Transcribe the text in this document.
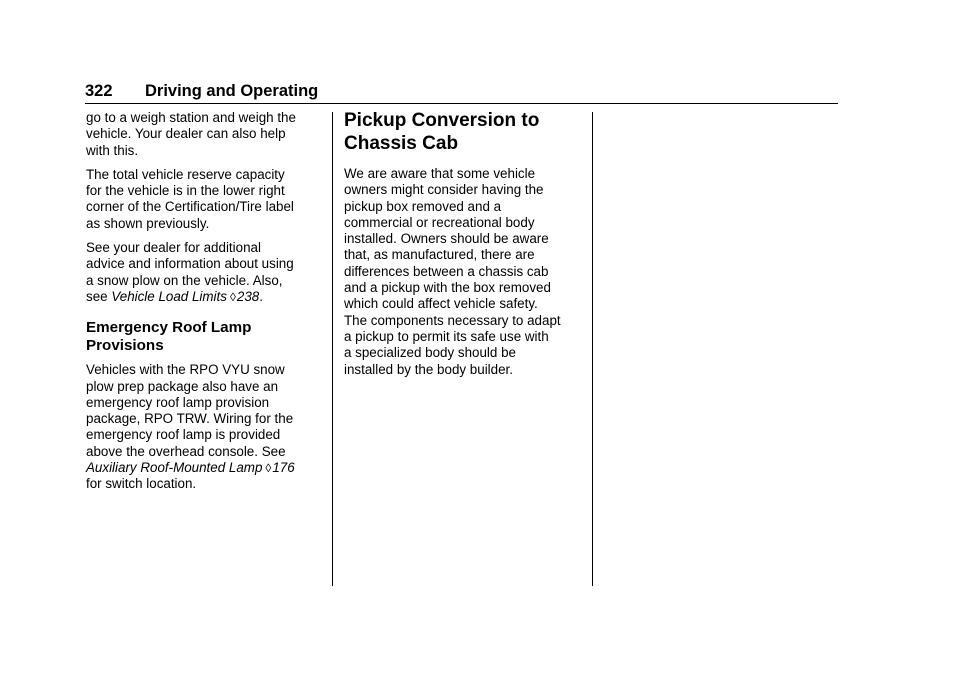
322 Driving and Operating

go to a weigh station and weigh the
vehicle. Your dealer can also help
with this.

The total vehicle reserve capacity
for the vehicle is in the lower right
corner of the Certification/Tire label
as shown previously.

See your dealer for additional
advice and information about using
a snow plow on the vehicle. Also,
see Vehicle Load Limits ◊238.

Emergency Roof Lamp
Provisions

Vehicles with the RPO VYU snow
plow prep package also have an
emergency roof lamp provision
package, RPO TRW. Wiring for the
emergency roof lamp is provided
above the overhead console. See
Auxiliary Roof-Mounted Lamp ◊176
for switch location.

Pickup Conversion to
Chassis Cab

We are aware that some vehicle
owners might consider having the
pickup box removed and a
commercial or recreational body
installed. Owners should be aware
that, as manufactured, there are
differences between a chassis cab
and a pickup with the box removed
which could affect vehicle safety.
The components necessary to adapt
a pickup to permit its safe use with
a specialized body should be
installed by the body builder.
